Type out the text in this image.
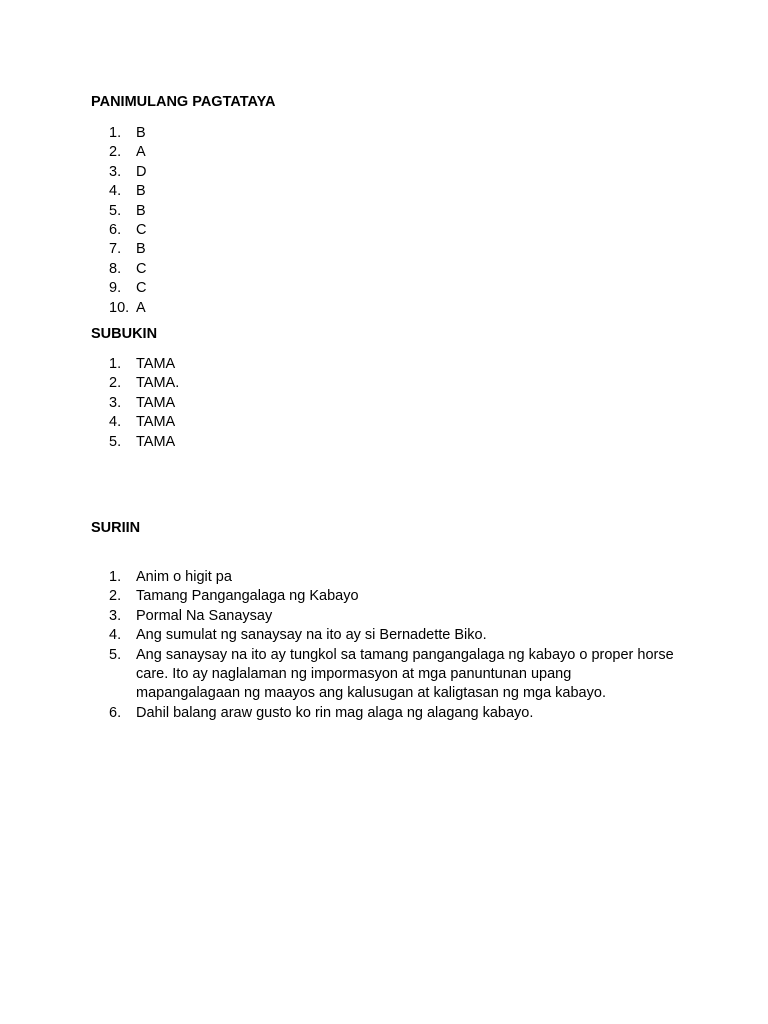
PANIMULANG PAGTATAYA
1.	B
2.	A
3.	D
4.	B
5.	B
6.	C
7.	B
8.	C
9.	C
10. A
SUBUKIN
1.	TAMA
2.	TAMA.
3.	TAMA
4.	TAMA
5.	TAMA
SURIIN
1.	Anim o higit pa
2.	Tamang Pangangalaga ng Kabayo
3.	Pormal Na Sanaysay
4.	Ang sumulat ng sanaysay na ito ay si Bernadette Biko.
5.	Ang sanaysay na ito ay tungkol sa tamang pangangalaga ng kabayo o proper horse care. Ito ay naglalaman ng impormasyon at mga panuntunan upang mapangalagaan ng maayos ang kalusugan at kaligtasan ng mga kabayo.
6.	Dahil balang araw gusto ko rin mag alaga ng alagang kabayo.
